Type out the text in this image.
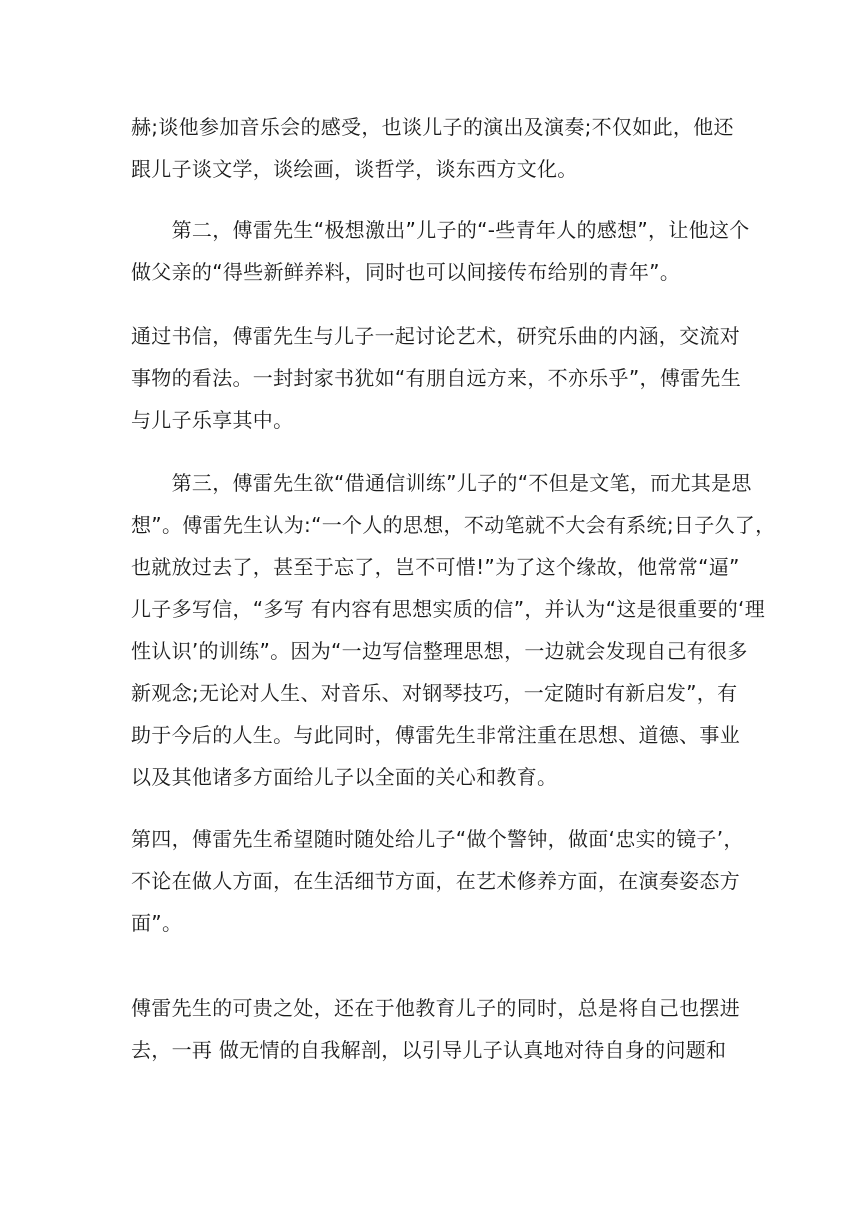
赫;谈他参加音乐会的感受，也谈儿子的演出及演奏;不仅如此，他还
跟儿子谈文学，谈绘画，谈哲学，谈东西方文化。

　　第二，傅雷先生“极想激出”儿子的“-些青年人的感想”，让他这个
做父亲的“得些新鲜养料，同时也可以间接传布给别的青年”。

通过书信，傅雷先生与儿子一起讨论艺术，研究乐曲的内涵，交流对
事物的看法。一封封家书犹如“有朋自远方来，不亦乐乎”，傅雷先生
与儿子乐享其中。

　　第三，傅雷先生欲“借通信训练”儿子的“不但是文笔，而尤其是思
想”。傅雷先生认为:“一个人的思想，不动笔就不大会有系统;日子久了，
也就放过去了，甚至于忘了，岂不可惜!”为了这个缘故，他常常“逼”
儿子多写信，“多写 有内容有思想实质的信”，并认为“这是很重要的‘理
性认识’的训练”。因为“一边写信整理思想，一边就会发现自己有很多
新观念;无论对人生、对音乐、对钢琴技巧，一定随时有新启发”，有
助于今后的人生。与此同时，傅雷先生非常注重在思想、道德、事业
以及其他诸多方面给儿子以全面的关心和教育。

第四，傅雷先生希望随时随处给儿子“做个警钟，做面‘忠实的镜子’，
不论在做人方面，在生活细节方面，在艺术修养方面，在演奏姿态方
面”。

傅雷先生的可贵之处，还在于他教育儿子的同时，总是将自己也摆进
去，一再 做无情的自我解剖，以引导儿子认真地对待自身的问题和
